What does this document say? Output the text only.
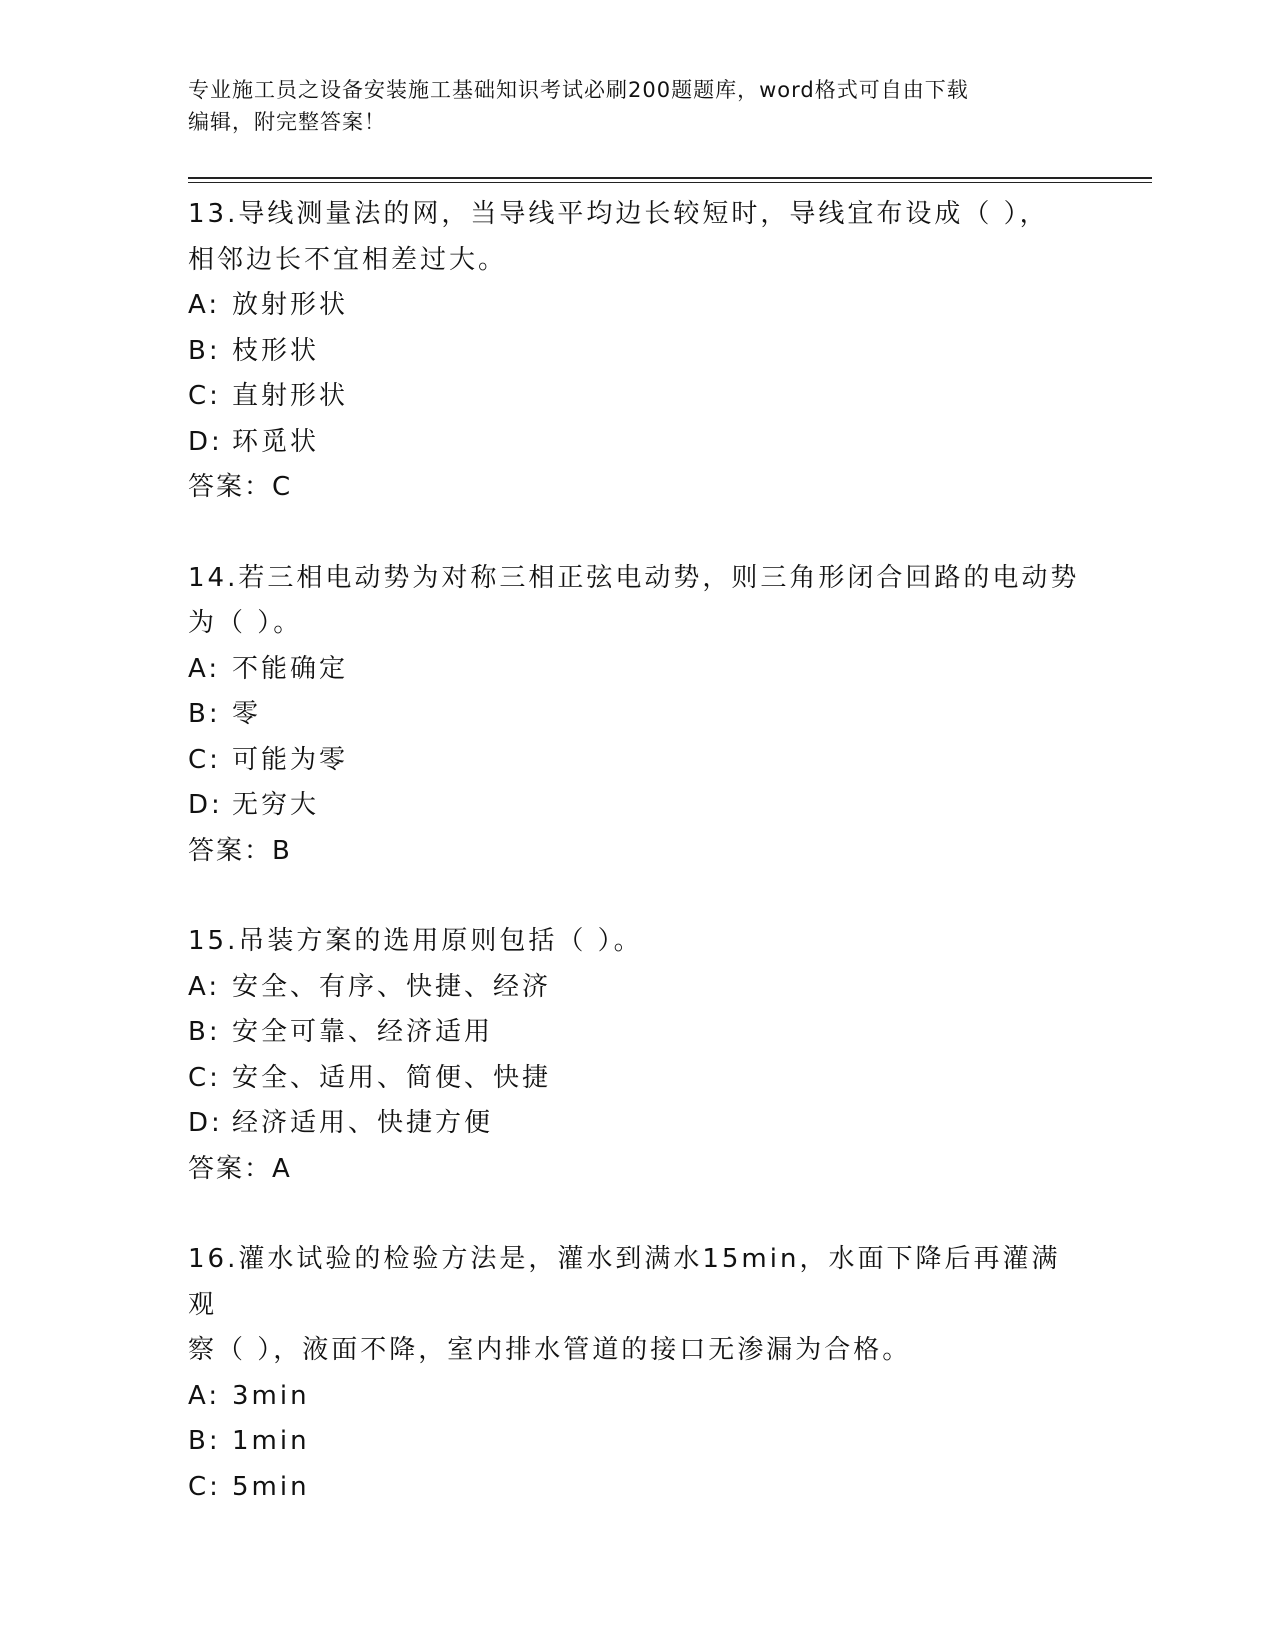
专业施工员之设备安装施工基础知识考试必刷200题题库，word格式可自由下载
编辑，附完整答案！

13.导线测量法的网，当导线平均边长较短时，导线宜布设成（ ），

相邻边长不宜相差过大。

A: 放射形状

B: 枝形状

C: 直射形状

D: 环觅状

答案：C

14.若三相电动势为对称三相正弦电动势，则三角形闭合回路的电动势

为（ ）。

A: 不能确定

B: 零

C: 可能为零

D: 无穷大

答案：B

15.吊装方案的选用原则包括（ ）。

A: 安全、有序、快捷、经济

B: 安全可靠、经济适用

C: 安全、适用、简便、快捷

D: 经济适用、快捷方便

答案：A

16.灌水试验的检验方法是，灌水到满水15min，水面下降后再灌满观

察（ ），液面不降，室内排水管道的接口无渗漏为合格。

A: 3min

B: 1min

C: 5min
